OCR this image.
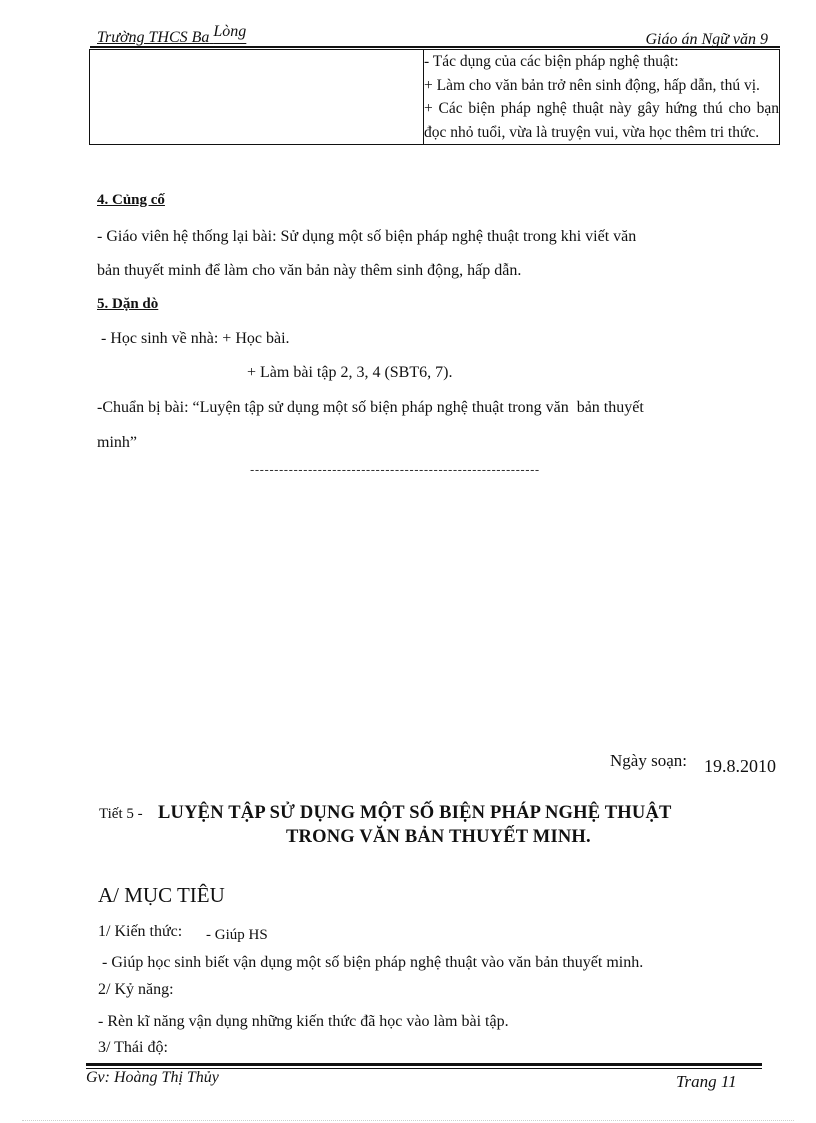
Trường THCS Ba Lòng	Giáo án Ngữ văn 9

- Tác dụng của các biện pháp nghệ thuật:

+ Làm cho văn bản trở nên sinh động, hấp dẫn, thú vị.

+ Các biện pháp nghệ thuật này gây hứng thú cho bạn đọc nhỏ tuổi, vừa là truyện vui, vừa học thêm tri thức.

4. Củng cố
- Giáo viên hệ thống lại bài: Sử dụng một số biện pháp nghệ thuật trong khi viết văn
bản thuyết minh để làm cho văn bản này thêm sinh động, hấp dẫn.
5. Dặn dò
- Học sinh về nhà: + Học bài.
+ Làm bài tập 2, 3, 4 (SBT6, 7).
-Chuẩn bị bài: “Luyện tập sử dụng một số biện pháp nghệ thuật trong văn  bản thuyết
minh”
------------------------------------------------------------
Ngày soạn: 19.8.2010
Tiết 5 - LUYỆN TẬP SỬ DỤNG MỘT SỐ BIỆN PHÁP NGHỆ THUẬT
TRONG VĂN BẢN THUYẾT MINH.
A/ MỤC TIÊU
1/ Kiến thức: - Giúp HS
- Giúp học sinh biết vận dụng một số biện pháp nghệ thuật vào văn bản thuyết minh.
2/ Kỷ năng:
- Rèn kĩ năng vận dụng những kiến thức đã học vào làm bài tập.
3/ Thái độ:
Gv: Hoàng Thị Thủy	Trang 11
